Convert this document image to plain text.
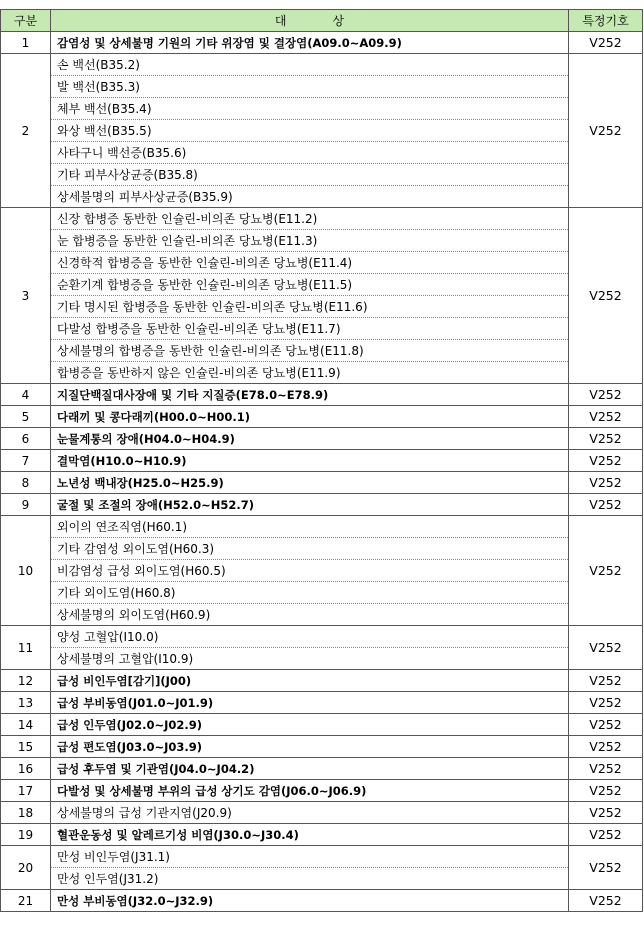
구분	대 상	특정기호
1	감염성 및 상세불명 기원의 기타 위장염 및 결장염(A09.0~A09.9)	V252
2	손 백선(B35.2)	V252
	발 백선(B35.3)	
	체부 백선(B35.4)	
	와상 백선(B35.5)	
	사타구니 백선증(B35.6)	
	기타 피부사상균증(B35.8)	
	상세불명의 피부사상균증(B35.9)	
3	신장 합병증 동반한 인슐린-비의존 당뇨병(E11.2)	V252
	눈 합병증을 동반한 인슐린-비의존 당뇨병(E11.3)	
	신경학적 합병증을 동반한 인슐린-비의존 당뇨병(E11.4)	
	순환기계 합병증을 동반한 인슐린-비의존 당뇨병(E11.5)	
	기타 명시된 합병증을 동반한 인슐린-비의존 당뇨병(E11.6)	
	다발성 합병증을 동반한 인슐린-비의존 당뇨병(E11.7)	
	상세불명의 합병증을 동반한 인슐린-비의존 당뇨병(E11.8)	
	합병증을 동반하지 않은 인슐린-비의존 당뇨병(E11.9)	
4	지질단백질대사장애 및 기타 지질증(E78.0~E78.9)	V252
5	다래끼 및 콩다래끼(H00.0~H00.1)	V252
6	눈물계통의 장애(H04.0~H04.9)	V252
7	결막염(H10.0~H10.9)	V252
8	노년성 백내장(H25.0~H25.9)	V252
9	굴절 및 조절의 장애(H52.0~H52.7)	V252
10	외이의 연조직염(H60.1)	V252
	기타 감염성 외이도염(H60.3)	
	비감염성 급성 외이도염(H60.5)	
	기타 외이도염(H60.8)	
	상세불명의 외이도염(H60.9)	
11	양성 고혈압(I10.0)	V252
	상세불명의 고혈압(I10.9)	
12	급성 비인두염[감기](J00)	V252
13	급성 부비동염(J01.0~J01.9)	V252
14	급성 인두염(J02.0~J02.9)	V252
15	급성 편도염(J03.0~J03.9)	V252
16	급성 후두염 및 기관염(J04.0~J04.2)	V252
17	다발성 및 상세불명 부위의 급성 상기도 감염(J06.0~J06.9)	V252
18	상세불명의 급성 기관지염(J20.9)	V252
19	혈관운동성 및 알레르기성 비염(J30.0~J30.4)	V252
20	만성 비인두염(J31.1)	V252
	만성 인두염(J31.2)	
21	만성 부비동염(J32.0~J32.9)	V252
